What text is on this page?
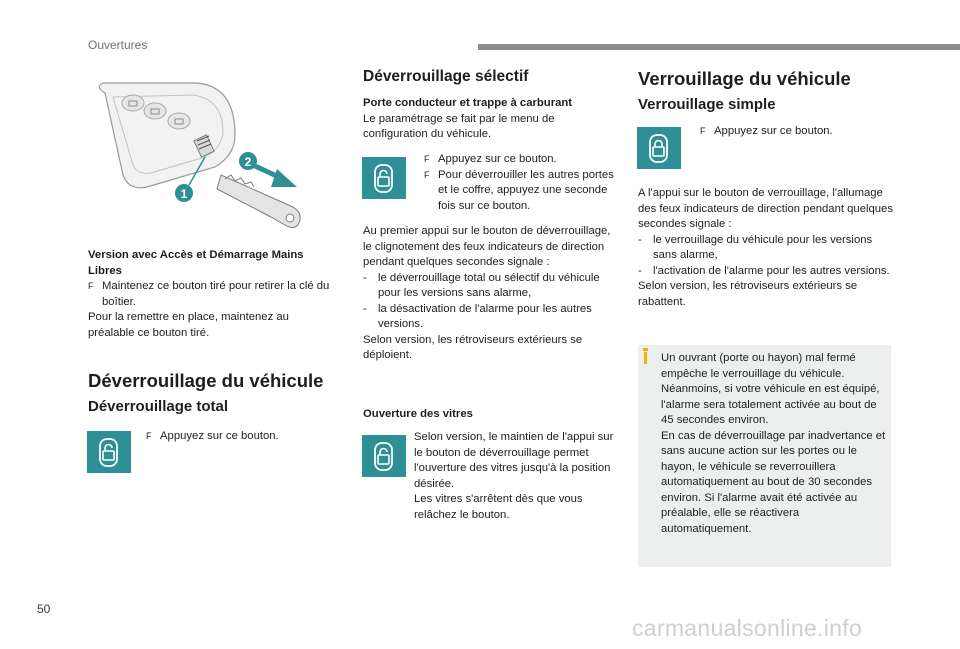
Ouvertures
2
1

Version avec Accès et Démarrage Mains Libres

F Maintenez ce bouton tiré pour retirer la clé du boîtier.

Pour la remettre en place, maintenez au préalable ce bouton tiré.

Déverrouillage du véhicule
Déverrouillage total

F Appuyez sur ce bouton.

Déverrouillage sélectif

Porte conducteur et trappe à carburant

Le paramétrage se fait par le menu de configuration du véhicule.

F Appuyez sur ce bouton.

F Pour déverrouiller les autres portes et le coffre, appuyez une seconde fois sur ce bouton.

Au premier appui sur le bouton de déverrouillage, le clignotement des feux indicateurs de direction pendant quelques secondes signale :

- le déverrouillage total ou sélectif du véhicule pour les versions sans alarme,

- la désactivation de l'alarme pour les autres versions.

Selon version, les rétroviseurs extérieurs se déploient.

Ouverture des vitres

Selon version, le maintien de l'appui sur le bouton de déverrouillage permet l'ouverture des vitres jusqu'à la position désirée.

Les vitres s'arrêtent dès que vous relâchez le bouton.

Verrouillage du véhicule
Verrouillage simple

F Appuyez sur ce bouton.

A l'appui sur le bouton de verrouillage, l'allumage des feux indicateurs de direction pendant quelques secondes signale :

- le verrouillage du véhicule pour les versions sans alarme,

- l'activation de l'alarme pour les autres versions.

Selon version, les rétroviseurs extérieurs se rabattent.

Un ouvrant (porte ou hayon) mal fermé empêche le verrouillage du véhicule. Néanmoins, si votre véhicule en est équipé, l'alarme sera totalement activée au bout de 45 secondes environ.

En cas de déverrouillage par inadvertance et sans aucune action sur les portes ou le hayon, le véhicule se reverrouillera automatiquement au bout de 30 secondes environ. Si l'alarme avait été activée au préalable, elle se réactivera automatiquement.

50
carmanualsonline.info
